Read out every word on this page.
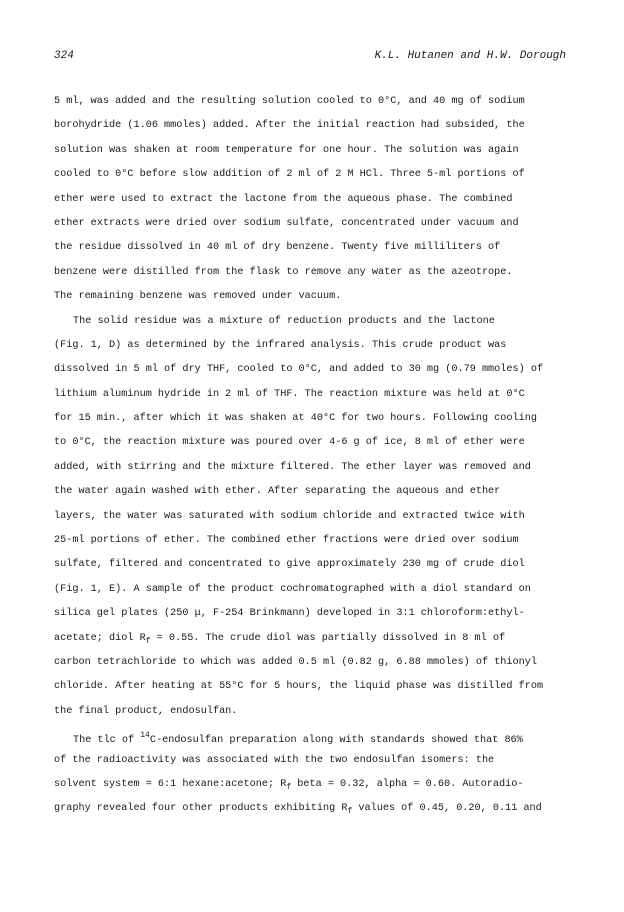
324	K.L. Hutanen and H.W. Dorough
5 ml, was added and the resulting solution cooled to 0°C, and 40 mg of sodium
borohydride (1.06 mmoles) added. After the initial reaction had subsided, the
solution was shaken at room temperature for one hour. The solution was again
cooled to 0°C before slow addition of 2 ml of 2 M HCl. Three 5-ml portions of
ether were used to extract the lactone from the aqueous phase. The combined
ether extracts were dried over sodium sulfate, concentrated under vacuum and
the residue dissolved in 40 ml of dry benzene. Twenty five milliliters of
benzene were distilled from the flask to remove any water as the azeotrope.
The remaining benzene was removed under vacuum.
The solid residue was a mixture of reduction products and the lactone
(Fig. 1, D) as determined by the infrared analysis. This crude product was
dissolved in 5 ml of dry THF, cooled to 0°C, and added to 30 mg (0.79 mmoles) of
lithium aluminum hydride in 2 ml of THF. The reaction mixture was held at 0°C
for 15 min., after which it was shaken at 40°C for two hours. Following cooling
to 0°C, the reaction mixture was poured over 4-6 g of ice, 8 ml of ether were
added, with stirring and the mixture filtered. The ether layer was removed and
the water again washed with ether. After separating the aqueous and ether
layers, the water was saturated with sodium chloride and extracted twice with
25-ml portions of ether. The combined ether fractions were dried over sodium
sulfate, filtered and concentrated to give approximately 230 mg of crude diol
(Fig. 1, E). A sample of the product cochromatographed with a diol standard on
silica gel plates (250 μ, F-254 Brinkmann) developed in 3:1 chloroform:ethyl-
acetate; diol $R_f = 0.55$. The crude diol was partially dissolved in 8 ml of
carbon tetrachloride to which was added 0.5 ml (0.82 g, 6.88 mmoles) of thionyl
chloride. After heating at 55°C for 5 hours, the liquid phase was distilled from
the final product, endosulfan.
The tlc of $^{14}$C-endosulfan preparation along with standards showed that 86%
of the radioactivity was associated with the two endosulfan isomers: the
solvent system = 6:1 hexane:acetone; $R_f$ beta = 0.32, alpha = 0.60. Autoradio-
graphy revealed four other products exhibiting $R_f$ values of 0.45, 0.20, 0.11 and
